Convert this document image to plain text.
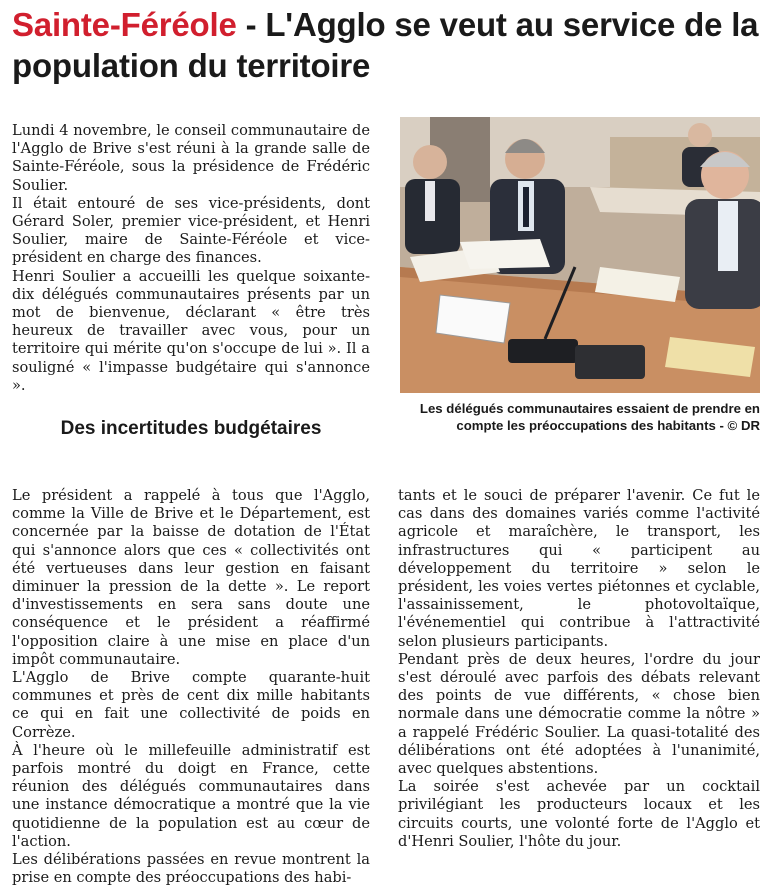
Sainte-Féréole - L'Agglo se veut au service de la population du territoire

Lundi 4 novembre, le conseil communautaire de l'Agglo de Brive s'est réuni à la grande salle de Sainte-Féréole, sous la présidence de Frédéric Soulier.

Il était entouré de ses vice-présidents, dont Gérard Soler, premier vice-président, et Henri Soulier, maire de Sainte-Féréole et vice-président en charge des finances.

Henri Soulier a accueilli les quelque soixante-dix délégués communautaires présents par un mot de bienvenue, déclarant « être très heureux de travailler avec vous, pour un territoire qui mérite qu'on s'occupe de lui ». Il a souligné « l'impasse budgétaire qui s'annonce ».

Des incertitudes budgétaires

Le président a rappelé à tous que l'Agglo, comme la Ville de Brive et le Département, est concernée par la baisse de dotation de l'État qui s'annonce alors que ces « collectivités ont été vertueuses dans leur gestion en faisant diminuer la pression de la dette ». Le report d'investissements en sera sans doute une conséquence et le président a réaffirmé l'opposition claire à une mise en place d'un impôt communautaire.

L'Agglo de Brive compte quarante-huit communes et près de cent dix mille habitants ce qui en fait une collectivité de poids en Corrèze.

À l'heure où le millefeuille administratif est parfois montré du doigt en France, cette réunion des délégués communautaires dans une instance démocratique a montré que la vie quotidienne de la population est au cœur de l'action.

Les délibérations passées en revue montrent la prise en compte des préoccupations des habi-

tants et le souci de préparer l'avenir. Ce fut le cas dans des domaines variés comme l'activité agricole et maraîchère, le transport, les infrastructures qui « participent au développement du territoire » selon le président, les voies vertes piétonnes et cyclable, l'assainissement, le photovoltaïque, l'événementiel qui contribue à l'attractivité selon plusieurs participants.

Pendant près de deux heures, l'ordre du jour s'est déroulé avec parfois des débats relevant des points de vue différents, « chose bien normale dans une démocratie comme la nôtre » a rappelé Frédéric Soulier. La quasi-totalité des délibérations ont été adoptées à l'unanimité, avec quelques abstentions.

La soirée s'est achevée par un cocktail privilégiant les producteurs locaux et les circuits courts, une volonté forte de l'Agglo et d'Henri Soulier, l'hôte du jour.

Les délégués communautaires essaient de prendre en compte les préoccupations des habitants - © DR
